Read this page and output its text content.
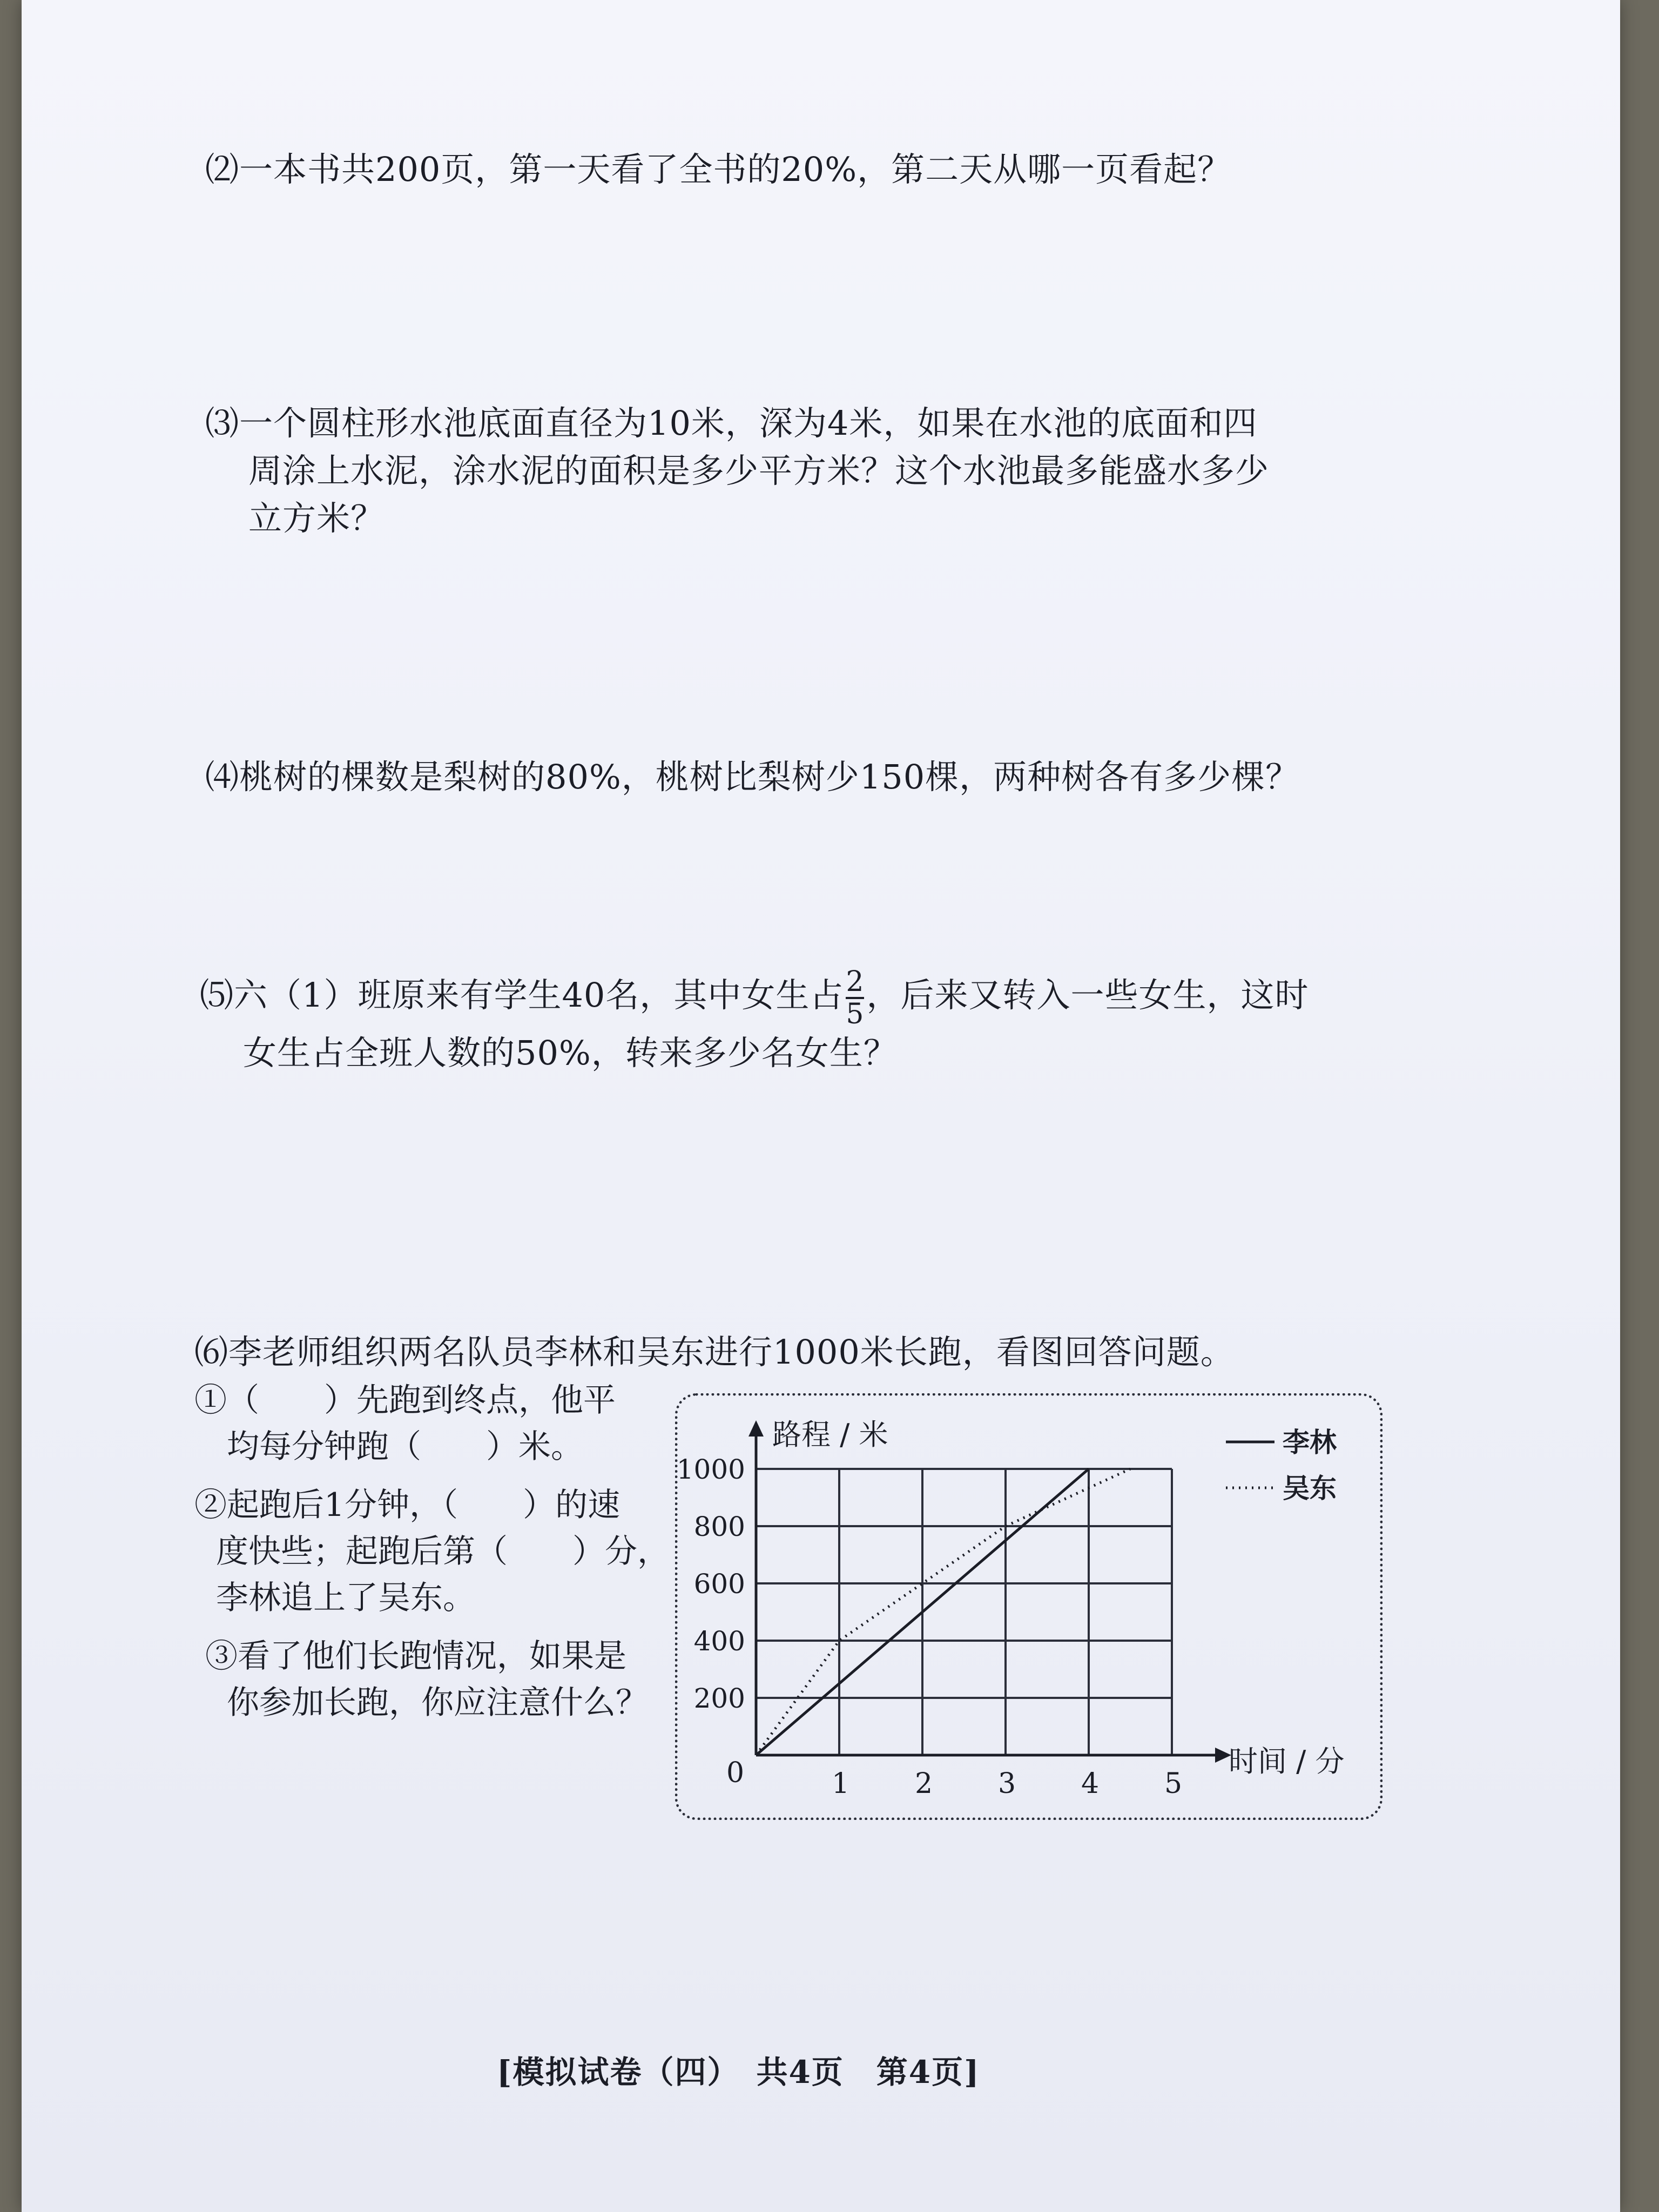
⑵一本书共200页，第一天看了全书的20%，第二天从哪一页看起？
⑶一个圆柱形水池底面直径为10米，深为4米，如果在水池的底面和四
周涂上水泥，涂水泥的面积是多少平方米？这个水池最多能盛水多少
立方米？
⑷桃树的棵数是梨树的80%，桃树比梨树少150棵，两种树各有多少棵？
⑸六（1）班原来有学生40名，其中女生占 $\frac{2}{5}$ ，后来又转入一些女生，这时
女生占全班人数的50%，转来多少名女生？
⑹李老师组织两名队员李林和吴东进行1000米长跑，看图回答问题。
①（　　）先跑到终点，他平
均每分钟跑（　　）米。
②起跑后1分钟，（　　）的速
度快些；起跑后第（　　）分，
李林追上了吴东。
③看了他们长跑情况，如果是
你参加长跑，你应注意什么？
0	1 2 3 4 5
200
400
600
800
1000
路程 / 米
时间 / 分
李林
吴东
[模拟试卷（四）　共4页　第4页]
